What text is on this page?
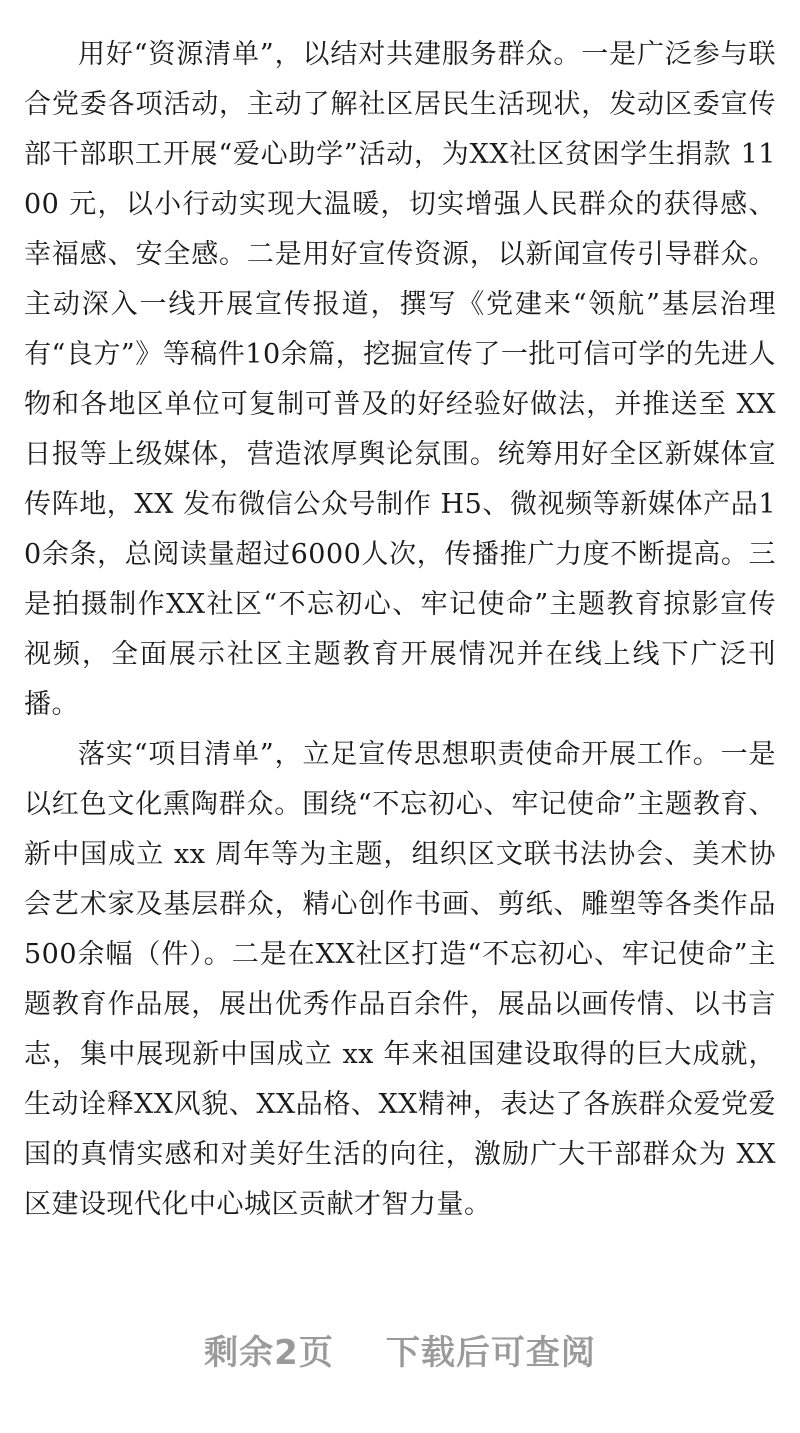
用好“资源清单”，以结对共建服务群众。一是广泛参与联合党委各项活动，主动了解社区居民生活现状，发动区委宣传部干部职工开展“爱心助学”活动，为XX社区贫困学生捐款 1100 元，以小行动实现大温暖，切实增强人民群众的获得感、幸福感、安全感。二是用好宣传资源，以新闻宣传引导群众。主动深入一线开展宣传报道，撰写《党建来“领航”基层治理有“良方”》等稿件10余篇，挖掘宣传了一批可信可学的先进人物和各地区单位可复制可普及的好经验好做法，并推送至 XX 日报等上级媒体，营造浓厚舆论氛围。统筹用好全区新媒体宣传阵地，XX 发布微信公众号制作 H5、微视频等新媒体产品10余条，总阅读量超过6000人次，传播推广力度不断提高。三是拍摄制作XX社区“不忘初心、牢记使命”主题教育掠影宣传视频，全面展示社区主题教育开展情况并在线上线下广泛刊播。

落实“项目清单”，立足宣传思想职责使命开展工作。一是以红色文化熏陶群众。围绕“不忘初心、牢记使命”主题教育、新中国成立 xx 周年等为主题，组织区文联书法协会、美术协会艺术家及基层群众，精心创作书画、剪纸、雕塑等各类作品500余幅（件）。二是在XX社区打造“不忘初心、牢记使命”主题教育作品展，展出优秀作品百余件，展品以画传情、以书言志，集中展现新中国成立 xx 年来祖国建设取得的巨大成就，生动诠释XX风貌、XX品格、XX精神，表达了各族群众爱党爱国的真情实感和对美好生活的向往，激励广大干部群众为 XX 区建设现代化中心城区贡献才智力量。

剩余2页 下载后可查阅
